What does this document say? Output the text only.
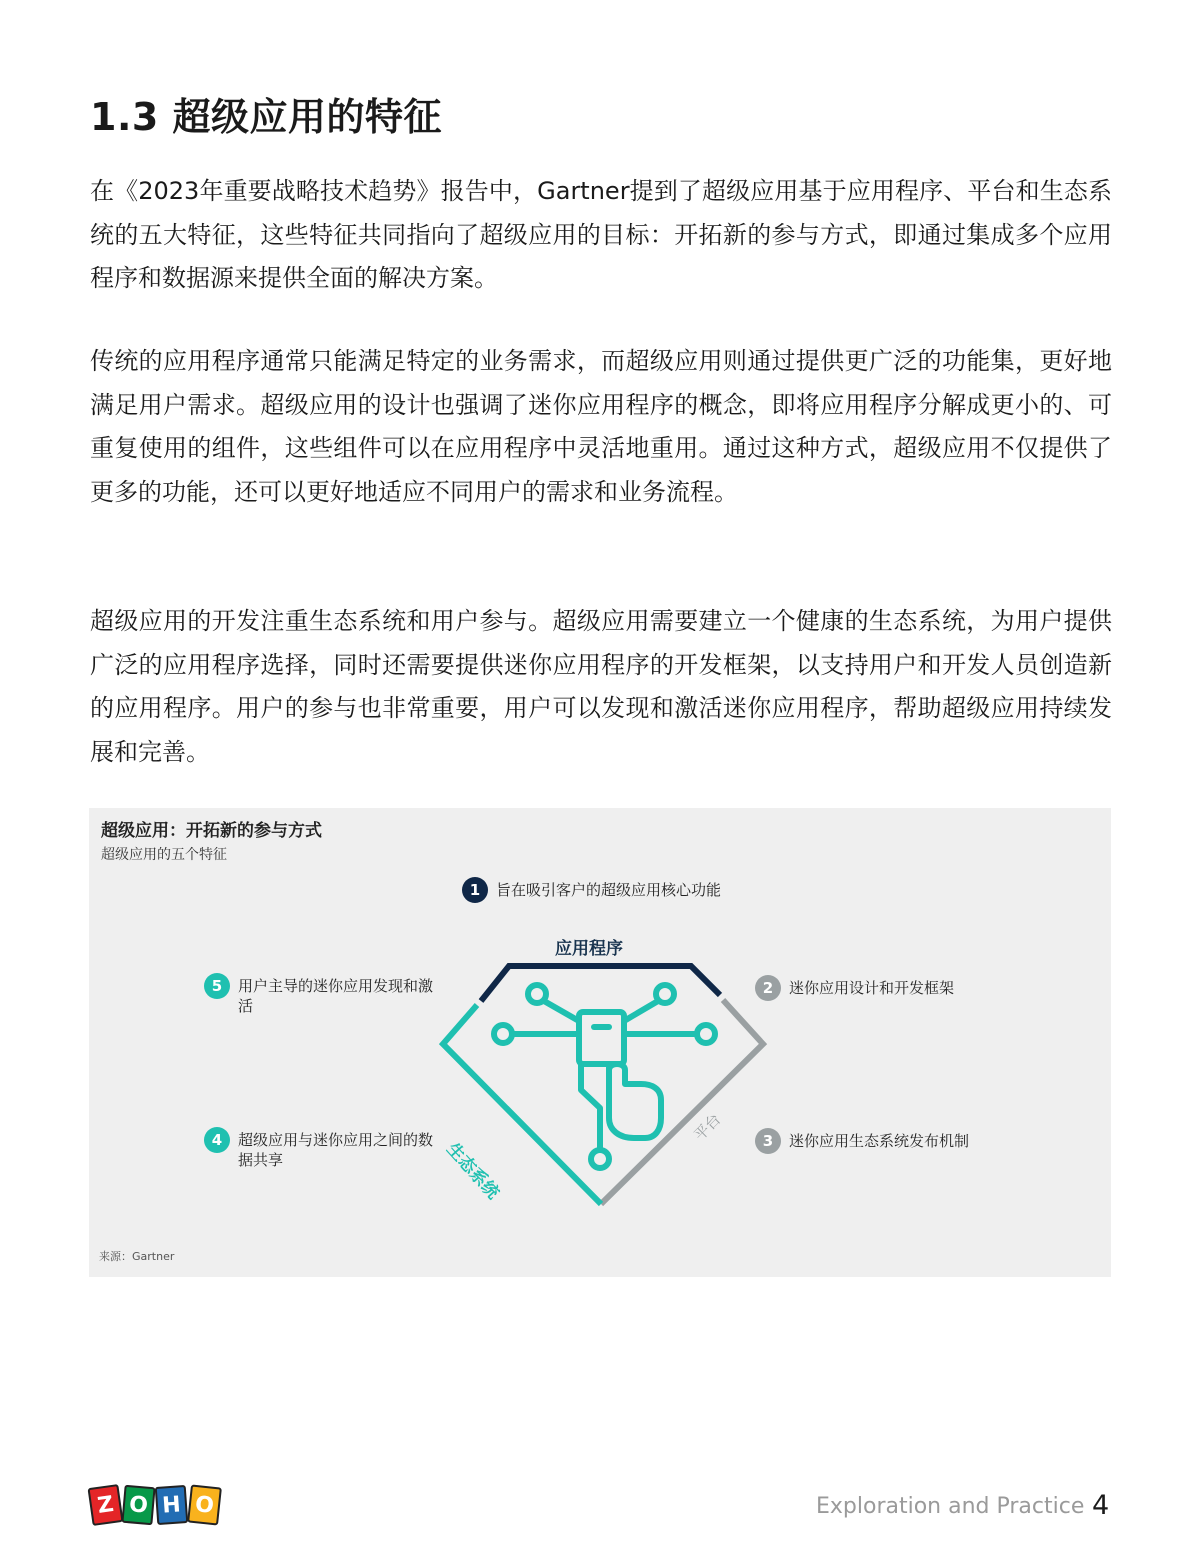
1.3 超级应用的特征

在《2023年重要战略技术趋势》报告中，Gartner提到了超级应用基于应用程序、平台和生态系统的五大特征，这些特征共同指向了超级应用的目标：开拓新的参与方式，即通过集成多个应用程序和数据源来提供全面的解决方案。

传统的应用程序通常只能满足特定的业务需求，而超级应用则通过提供更广泛的功能集，更好地满足用户需求。超级应用的设计也强调了迷你应用程序的概念，即将应用程序分解成更小的、可重复使用的组件，这些组件可以在应用程序中灵活地重用。通过这种方式，超级应用不仅提供了更多的功能，还可以更好地适应不同用户的需求和业务流程。

超级应用的开发注重生态系统和用户参与。超级应用需要建立一个健康的生态系统，为用户提供广泛的应用程序选择，同时还需要提供迷你应用程序的开发框架，以支持用户和开发人员创造新的应用程序。用户的参与也非常重要，用户可以发现和激活迷你应用程序，帮助超级应用持续发展和完善。

超级应用：开拓新的参与方式
超级应用的五个特征
应用程序
生态系统
平台
1	旨在吸引客户的超级应用核心功能
2	迷你应用设计和开发框架
3	迷你应用生态系统发布机制
4	超级应用与迷你应用之间的数据共享
5	用户主导的迷你应用发现和激活
来源：Gartner
Z O H O	Exploration and Practice 4
